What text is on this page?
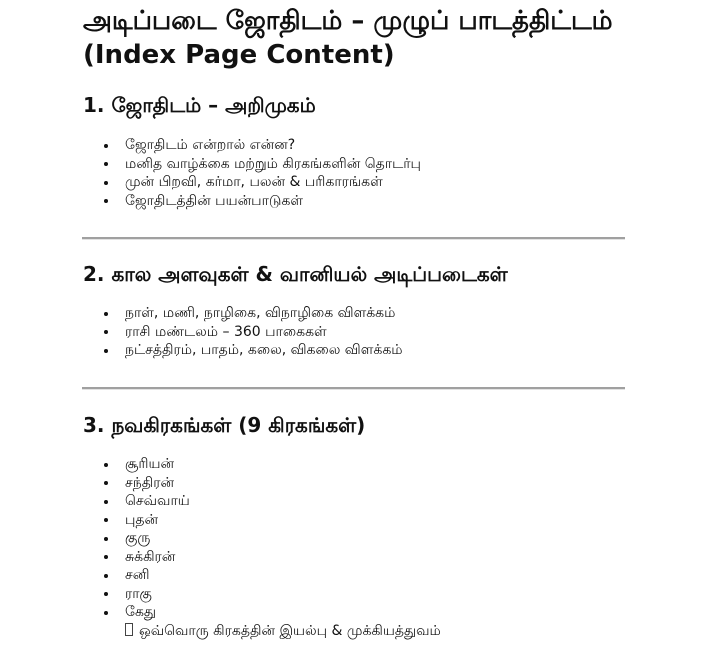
அடிப்படை ஜோதிடம் – முழுப் பாடத்திட்டம் (Index Page Content)
1. ஜோதிடம் – அறிமுகம்
ஜோதிடம் என்றால் என்ன?
மனித வாழ்க்கை மற்றும் கிரகங்களின் தொடர்பு
முன் பிறவி, கர்மா, பலன் & பரிகாரங்கள்
ஜோதிடத்தின் பயன்பாடுகள்
2. கால அளவுகள் & வானியல் அடிப்படைகள்
நாள், மணி, நாழிகை, விநாழிகை விளக்கம்
ராசி மண்டலம் – 360 பாகைகள்
நட்சத்திரம், பாதம், கலை, விகலை விளக்கம்
3. நவகிரகங்கள் (9 கிரகங்கள்)
சூரியன்
சந்திரன்
செவ்வாய்
புதன்
குரு
சுக்கிரன்
சனி
ராகு
கேது
ஒவ்வொரு கிரகத்தின் இயல்பு & முக்கியத்துவம்
